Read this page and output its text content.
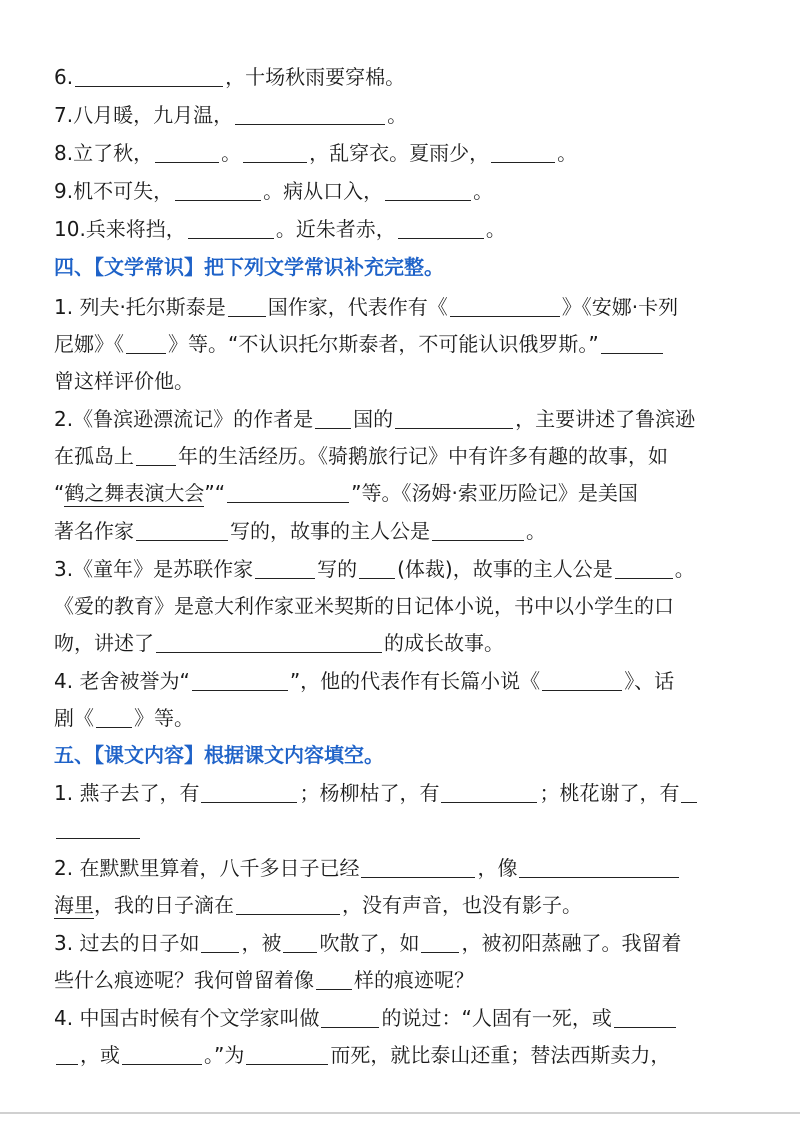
6.	，十场秋雨要穿棉。
7.八月暖，九月温，	。
8.立了秋，	。	，乱穿衣。夏雨少，	。
9.机不可失，	。病从口入，	。
10.兵来将挡，	。近朱者赤，	。
四、【文学常识】把下列文学常识补充完整。
1. 列夫·托尔斯泰是 国作家，代表作有《	》《安娜·卡列
尼娜》《 》等。“不认识托尔斯泰者，不可能认识俄罗斯。”
曾这样评价他。
2.《鲁滨逊漂流记》的作者是 国的	，主要讲述了鲁滨逊
在孤岛上 年的生活经历。《骑鹅旅行记》中有许多有趣的故事，如
“鹤之舞表演大会”“	”等。《汤姆·索亚历险记》是美国
著名作家	写的，故事的主人公是	。
3.《童年》是苏联作家	写的 (体裁)，故事的主人公是	。
《爱的教育》是意大利作家亚米契斯的日记体小说，书中以小学生的口
吻，讲述了	的成长故事。
4. 老舍被誉为“	”，他的代表作有长篇小说《	》、话
剧《 》等。
五、【课文内容】根据课文内容填空。
1. 燕子去了，有	；杨柳枯了，有	；桃花谢了，有
2. 在默默里算着，八千多日子已经	，像
海里，我的日子滴在	，没有声音，也没有影子。
3. 过去的日子如 ，被 吹散了，如 ，被初阳蒸融了。我留着
些什么痕迹呢？我何曾留着像 样的痕迹呢？
4. 中国古时候有个文学家叫做	的说过：“人固有一死，或
，或	。”为	而死，就比泰山还重；替法西斯卖力，
